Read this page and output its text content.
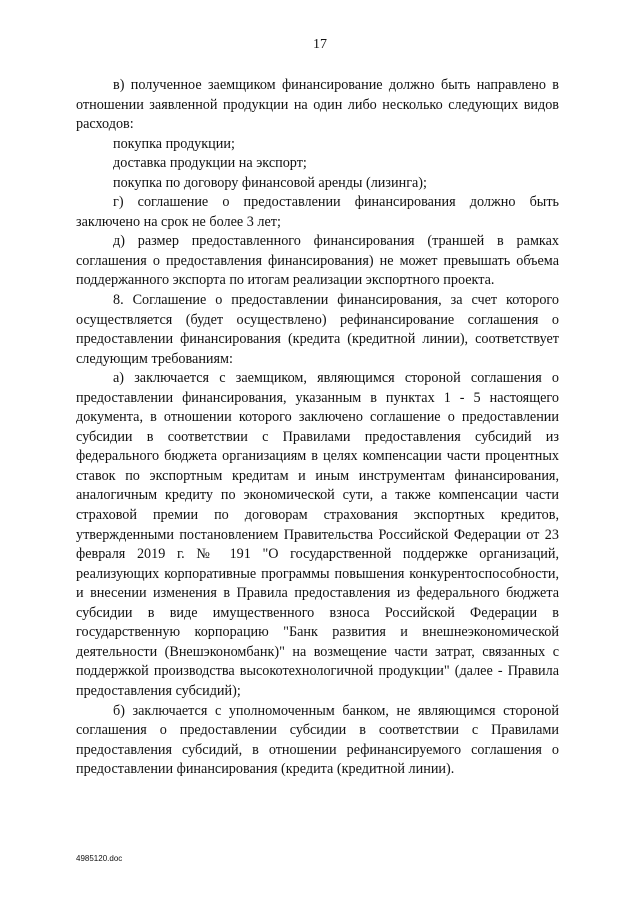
17

в) полученное заемщиком финансирование должно быть направлено в отношении заявленной продукции на один либо несколько следующих видов расходов:

покупка продукции;

доставка продукции на экспорт;

покупка по договору финансовой аренды (лизинга);

г) соглашение о предоставлении финансирования должно быть заключено на срок не более 3 лет;

д) размер предоставленного финансирования (траншей в рамках соглашения о предоставления финансирования) не может превышать объема поддержанного экспорта по итогам реализации экспортного проекта.

8. Соглашение о предоставлении финансирования, за счет которого осуществляется (будет осуществлено) рефинансирование соглашения о предоставлении финансирования (кредита (кредитной линии), соответствует следующим требованиям:

а) заключается с заемщиком, являющимся стороной соглашения о предоставлении финансирования, указанным в пунктах 1 - 5 настоящего документа, в отношении которого заключено соглашение о предоставлении субсидии в соответствии с Правилами предоставления субсидий из федерального бюджета организациям в целях компенсации части процентных ставок по экспортным кредитам и иным инструментам финансирования, аналогичным кредиту по экономической сути, а также компенсации части страховой премии по договорам страхования экспортных кредитов, утвержденными постановлением Правительства Российской Федерации от 23 февраля 2019 г. № 191 "О государственной поддержке организаций, реализующих корпоративные программы повышения конкурентоспособности, и внесении изменения в Правила предоставления из федерального бюджета субсидии в виде имущественного взноса Российской Федерации в государственную корпорацию "Банк развития и внешнеэкономической деятельности (Внешэкономбанк)" на возмещение части затрат, связанных с поддержкой производства высокотехнологичной продукции" (далее - Правила предоставления субсидий);

б) заключается с уполномоченным банком, не являющимся стороной соглашения о предоставлении субсидии в соответствии с Правилами предоставления субсидий, в отношении рефинансируемого соглашения о предоставлении финансирования (кредита (кредитной линии).

4985120.doc
